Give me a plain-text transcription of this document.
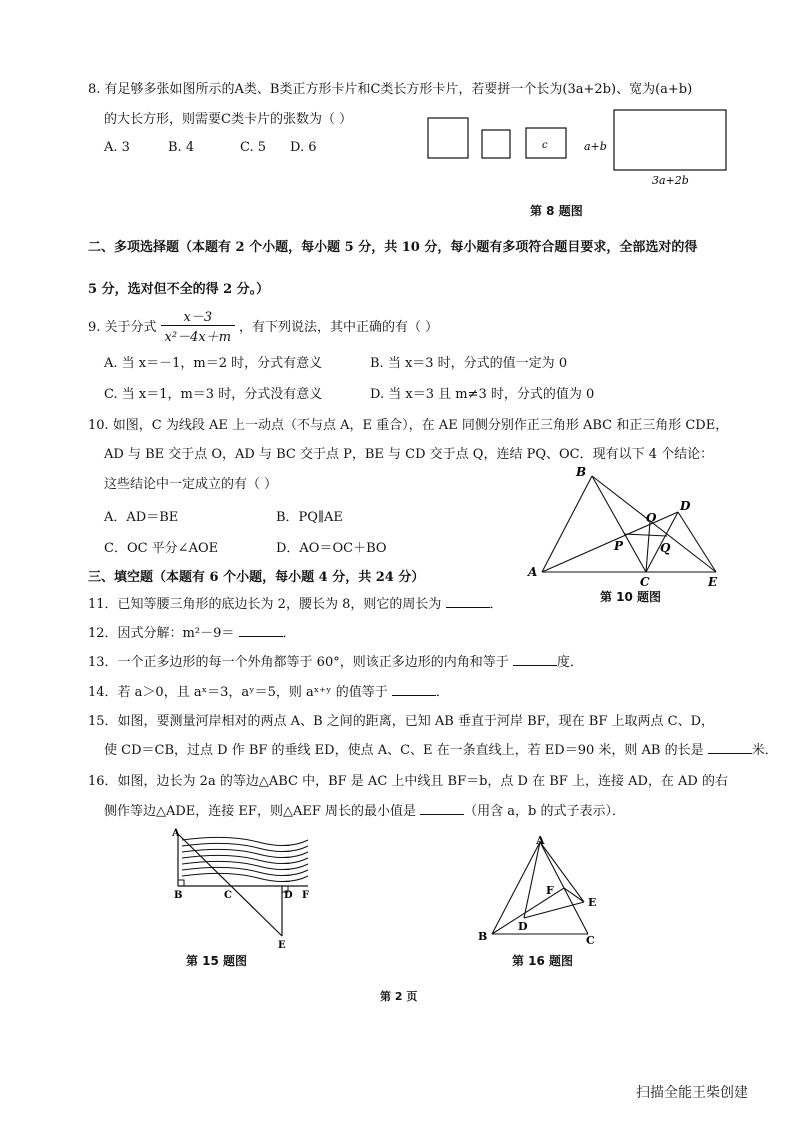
8. 有足够多张如图所示的A类、B类正方形卡片和C类长方形卡片，若要拼一个长为(3a+2b)、宽为(a+b)
的大长方形，则需要C类卡片的张数为（ ）
A. 3	B. 4	C. 5 D. 6	c	a+b
3a+2b
第 8 题图
二、多项选择题（本题有 2 个小题，每小题 5 分，共 10 分，每小题有多项符合题目要求，全部选对的得
5 分，选对但不全的得 2 分。）
9. 关于分式 $\frac{x-3}{\text{x²－4x＋m}}$ ，有下列说法，其中正确的有（ ）
A. 当 x＝－1，m＝2 时，分式有意义	B. 当 x＝3 时，分式的值一定为 0
C. 当 x＝1，m＝3 时，分式没有意义	D. 当 x＝3 且 m≠3 时，分式的值为 0
10. 如图，C 为线段 AE 上一动点（不与点 A，E 重合），在 AE 同侧分别作正三角形 ABC 和正三角形 CDE，
AD 与 BE 交于点 O，AD 与 BC 交于点 P，BE 与 CD 交于点 Q，连结 PQ、OC．现有以下 4 个结论：
这些结论中一定成立的有（ ）
A．AD＝BE	B．PQ∥AE
C．OC 平分∠AOE	D．AO＝OC＋BO
A
B
C
D
E
O
P	Q
第 10 题图
三、填空题（本题有 6 个小题，每小题 4 分，共 24 分）
11．已知等腰三角形的底边长为 2，腰长为 8，则它的周长为	．
12．因式分解：m²－9＝	．
13．一个正多边形的每一个外角都等于 60°，则该正多边形的内角和等于	度．
14．若 a＞0，且 aˣ＝3，aʸ＝5，则 aˣ⁺ʸ 的值等于	．
15．如图，要测量河岸相对的两点 A、B 之间的距离，已知 AB 垂直于河岸 BF，现在 BF 上取两点 C、D，
使 CD＝CB，过点 D 作 BF 的垂线 ED，使点 A、C、E 在一条直线上，若 ED＝90 米，则 AB 的长是	米．
16．如图，边长为 2a 的等边△ABC 中，BF 是 AC 上中线且 BF＝b，点 D 在 BF 上，连接 AD，在 AD 的右
侧作等边△ADE，连接 EF，则△AEF 周长的最小值是	（用含 a，b 的式子表示）．
A
B	C	D F
E
第 15 题图
A
B	C
D
E
F
第 16 题图
第 2 页
扫描全能王柴创建
